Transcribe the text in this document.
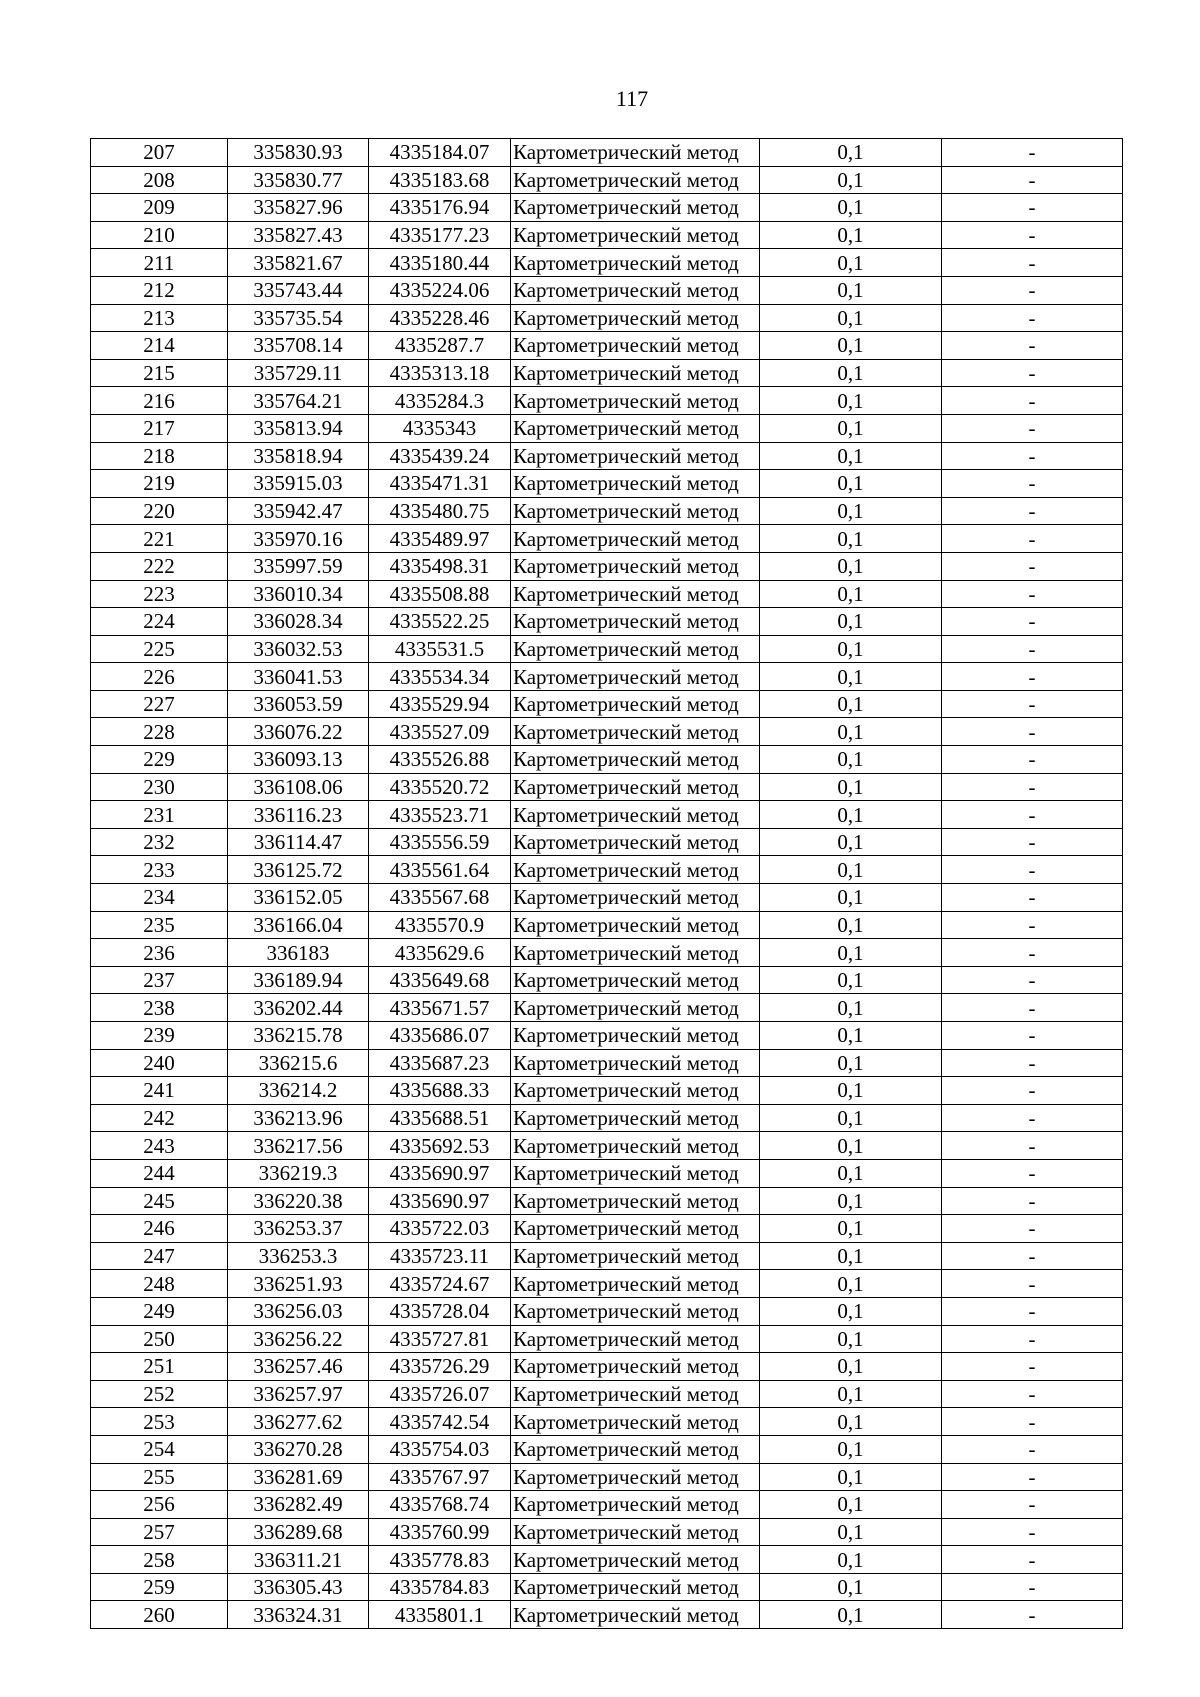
117
207	335830.93	4335184.07	Картометрический метод	0,1	-
208	335830.77	4335183.68	Картометрический метод	0,1	-
209	335827.96	4335176.94	Картометрический метод	0,1	-
210	335827.43	4335177.23	Картометрический метод	0,1	-
211	335821.67	4335180.44	Картометрический метод	0,1	-
212	335743.44	4335224.06	Картометрический метод	0,1	-
213	335735.54	4335228.46	Картометрический метод	0,1	-
214	335708.14	4335287.7	Картометрический метод	0,1	-
215	335729.11	4335313.18	Картометрический метод	0,1	-
216	335764.21	4335284.3	Картометрический метод	0,1	-
217	335813.94	4335343	Картометрический метод	0,1	-
218	335818.94	4335439.24	Картометрический метод	0,1	-
219	335915.03	4335471.31	Картометрический метод	0,1	-
220	335942.47	4335480.75	Картометрический метод	0,1	-
221	335970.16	4335489.97	Картометрический метод	0,1	-
222	335997.59	4335498.31	Картометрический метод	0,1	-
223	336010.34	4335508.88	Картометрический метод	0,1	-
224	336028.34	4335522.25	Картометрический метод	0,1	-
225	336032.53	4335531.5	Картометрический метод	0,1	-
226	336041.53	4335534.34	Картометрический метод	0,1	-
227	336053.59	4335529.94	Картометрический метод	0,1	-
228	336076.22	4335527.09	Картометрический метод	0,1	-
229	336093.13	4335526.88	Картометрический метод	0,1	-
230	336108.06	4335520.72	Картометрический метод	0,1	-
231	336116.23	4335523.71	Картометрический метод	0,1	-
232	336114.47	4335556.59	Картометрический метод	0,1	-
233	336125.72	4335561.64	Картометрический метод	0,1	-
234	336152.05	4335567.68	Картометрический метод	0,1	-
235	336166.04	4335570.9	Картометрический метод	0,1	-
236	336183	4335629.6	Картометрический метод	0,1	-
237	336189.94	4335649.68	Картометрический метод	0,1	-
238	336202.44	4335671.57	Картометрический метод	0,1	-
239	336215.78	4335686.07	Картометрический метод	0,1	-
240	336215.6	4335687.23	Картометрический метод	0,1	-
241	336214.2	4335688.33	Картометрический метод	0,1	-
242	336213.96	4335688.51	Картометрический метод	0,1	-
243	336217.56	4335692.53	Картометрический метод	0,1	-
244	336219.3	4335690.97	Картометрический метод	0,1	-
245	336220.38	4335690.97	Картометрический метод	0,1	-
246	336253.37	4335722.03	Картометрический метод	0,1	-
247	336253.3	4335723.11	Картометрический метод	0,1	-
248	336251.93	4335724.67	Картометрический метод	0,1	-
249	336256.03	4335728.04	Картометрический метод	0,1	-
250	336256.22	4335727.81	Картометрический метод	0,1	-
251	336257.46	4335726.29	Картометрический метод	0,1	-
252	336257.97	4335726.07	Картометрический метод	0,1	-
253	336277.62	4335742.54	Картометрический метод	0,1	-
254	336270.28	4335754.03	Картометрический метод	0,1	-
255	336281.69	4335767.97	Картометрический метод	0,1	-
256	336282.49	4335768.74	Картометрический метод	0,1	-
257	336289.68	4335760.99	Картометрический метод	0,1	-
258	336311.21	4335778.83	Картометрический метод	0,1	-
259	336305.43	4335784.83	Картометрический метод	0,1	-
260	336324.31	4335801.1	Картометрический метод	0,1	-
